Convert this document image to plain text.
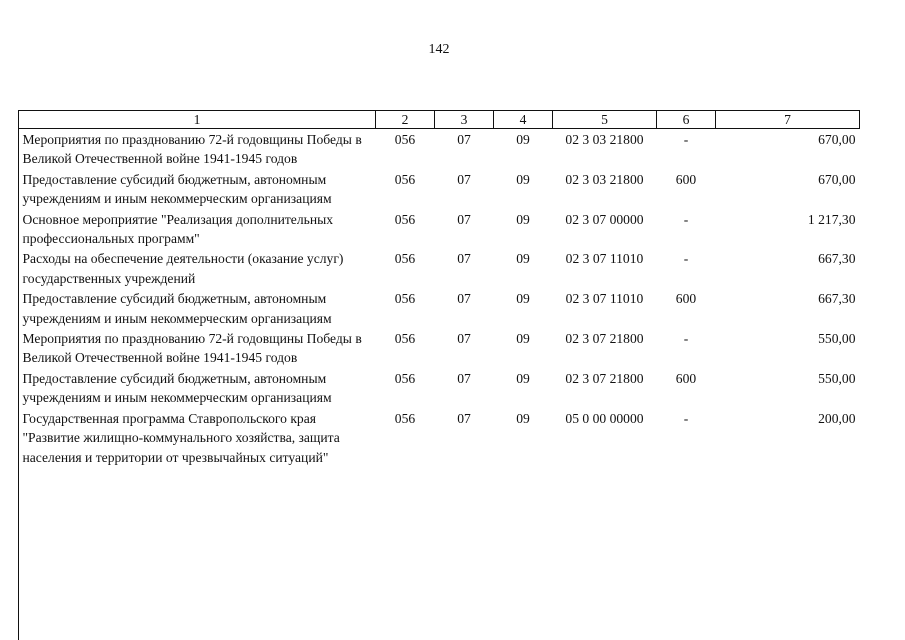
142
1	2	3	4	5	6	7
Мероприятия по празднованию 72-й годовщины Победы в Великой Отечественной войне 1941-1945 годов	056	07	09	02 3 03 21800	-	670,00
Предоставление субсидий бюджетным, автономным учреждениям и иным некоммерческим организациям	056	07	09	02 3 03 21800	600	670,00
Основное мероприятие "Реализация дополнительных профессиональных программ"	056	07	09	02 3 07 00000	-	1 217,30
Расходы на обеспечение деятельности (оказание услуг) государственных учреждений	056	07	09	02 3 07 11010	-	667,30
Предоставление субсидий бюджетным, автономным учреждениям и иным некоммерческим организациям	056	07	09	02 3 07 11010	600	667,30
Мероприятия по празднованию 72-й годовщины Победы в Великой Отечественной войне 1941-1945 годов	056	07	09	02 3 07 21800	-	550,00
Предоставление субсидий бюджетным, автономным учреждениям и иным некоммерческим организациям	056	07	09	02 3 07 21800	600	550,00
Государственная программа Ставропольского края "Развитие жилищно-коммунального хозяйства, защита населения и территории от чрезвычайных ситуаций"	056	07	09	05 0 00 00000	-	200,00
